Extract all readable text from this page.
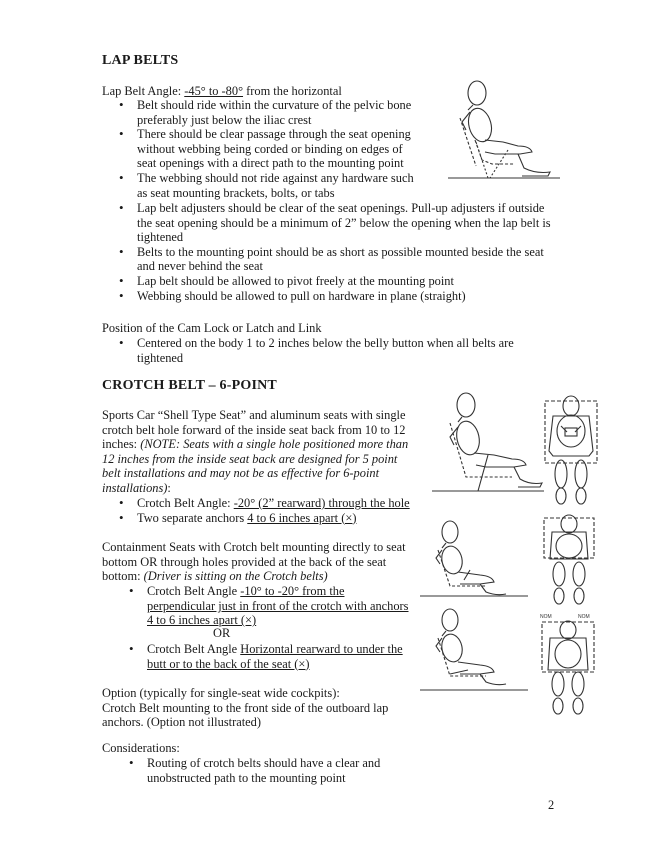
LAP BELTS
Lap Belt Angle: -45° to -80° from the horizontal
• Belt should ride within the curvature of the pelvic bone preferably just below the iliac crest
• There should be clear passage through the seat opening without webbing being corded or binding on edges of seat openings with a direct path to the mounting point
• The webbing should not ride against any hardware such as seat mounting brackets, bolts, or tabs
• Lap belt adjusters should be clear of the seat openings. Pull-up adjusters if outside the seat opening should be a minimum of 2” below the opening when the lap belt is tightened
• Belts to the mounting point should be as short as possible mounted beside the seat and never behind the seat
• Lap belt should be allowed to pivot freely at the mounting point
• Webbing should be allowed to pull on hardware in plane (straight)
Position of the Cam Lock or Latch and Link
• Centered on the body 1 to 2 inches below the belly button when all belts are tightened
CROTCH BELT – 6-POINT
Sports Car “Shell Type Seat” and aluminum seats with single crotch belt hole forward of the inside seat back from 10 to 12 inches: (NOTE: Seats with a single hole positioned more than 12 inches from the inside seat back are designed for 5 point belt installations and may not be as effective for 6-point installations):
• Crotch Belt Angle: -20° (2” rearward) through the hole
• Two separate anchors 4 to 6 inches apart (×)
Containment Seats with Crotch belt mounting directly to seat bottom OR through holes provided at the back of the seat bottom: (Driver is sitting on the Crotch belts)
• Crotch Belt Angle -10° to -20° from the perpendicular just in front of the crotch with anchors 4 to 6 inches apart (×)
OR
• Crotch Belt Angle Horizontal rearward to under the butt or to the back of the seat (×)
Option (typically for single-seat wide cockpits):
Crotch Belt mounting to the front side of the outboard lap anchors. (Option not illustrated)
Considerations:
• Routing of crotch belts should have a clear and unobstructed path to the mounting point
2
NOM	NOM
